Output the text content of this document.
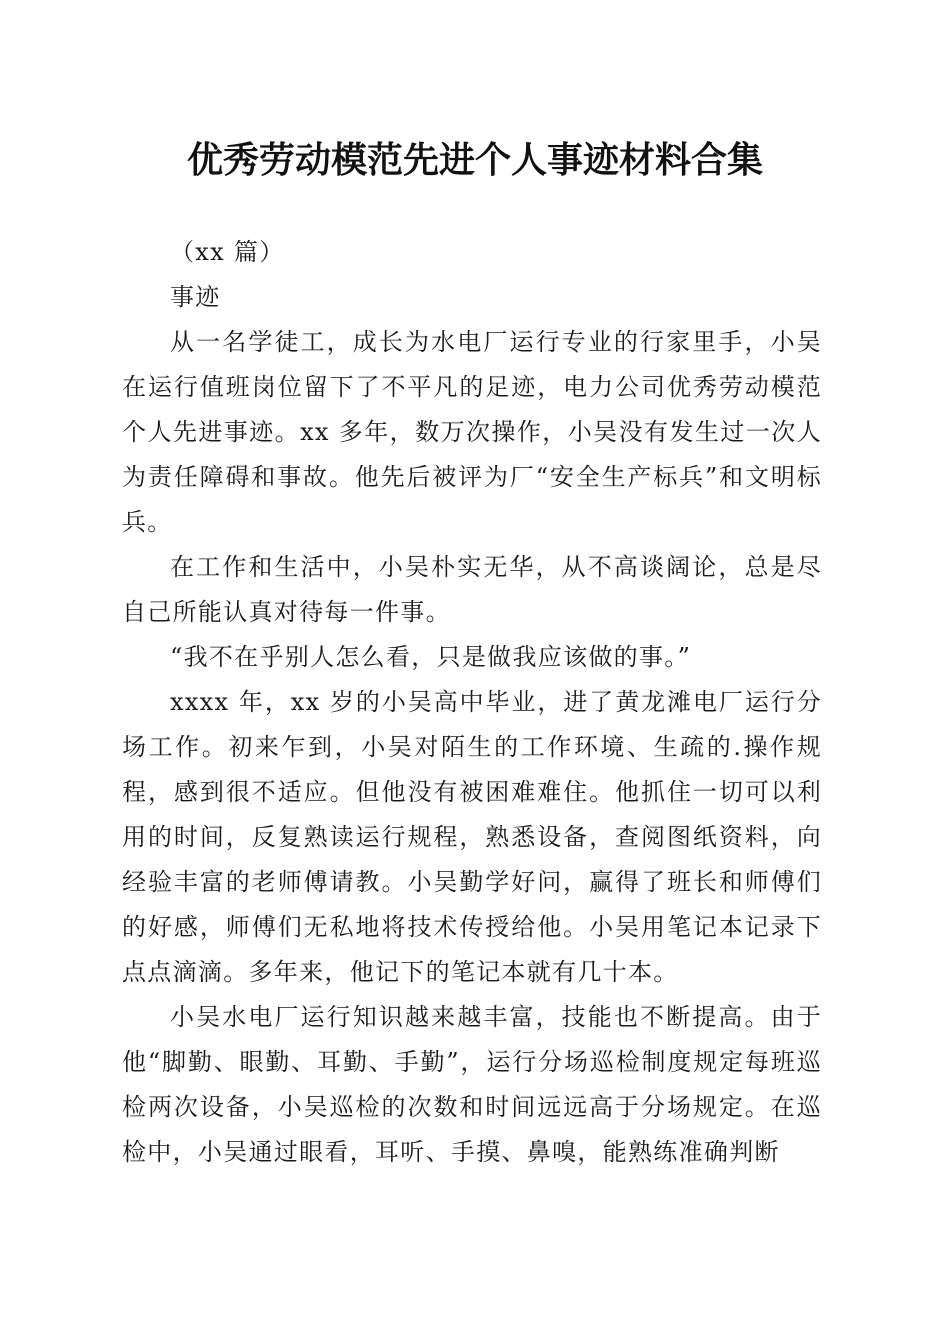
优秀劳动模范先进个人事迹材料合集

（xx 篇）

事迹

从一名学徒工，成长为水电厂运行专业的行家里手，小吴在运行值班岗位留下了不平凡的足迹，电力公司优秀劳动模范个人先进事迹。xx 多年，数万次操作，小吴没有发生过一次人为责任障碍和事故。他先后被评为厂“安全生产标兵”和文明标兵。

在工作和生活中，小吴朴实无华，从不高谈阔论，总是尽自己所能认真对待每一件事。

“我不在乎别人怎么看，只是做我应该做的事。”

xxxx 年，xx 岁的小吴高中毕业，进了黄龙滩电厂运行分场工作。初来乍到，小吴对陌生的工作环境、生疏的.操作规程，感到很不适应。但他没有被困难难住。他抓住一切可以利用的时间，反复熟读运行规程，熟悉设备，查阅图纸资料，向经验丰富的老师傅请教。小吴勤学好问，赢得了班长和师傅们的好感，师傅们无私地将技术传授给他。小吴用笔记本记录下点点滴滴。多年来，他记下的笔记本就有几十本。

小吴水电厂运行知识越来越丰富，技能也不断提高。由于他“脚勤、眼勤、耳勤、手勤”，运行分场巡检制度规定每班巡检两次设备，小吴巡检的次数和时间远远高于分场规定。在巡检中，小吴通过眼看，耳听、手摸、鼻嗅，能熟练准确判断
